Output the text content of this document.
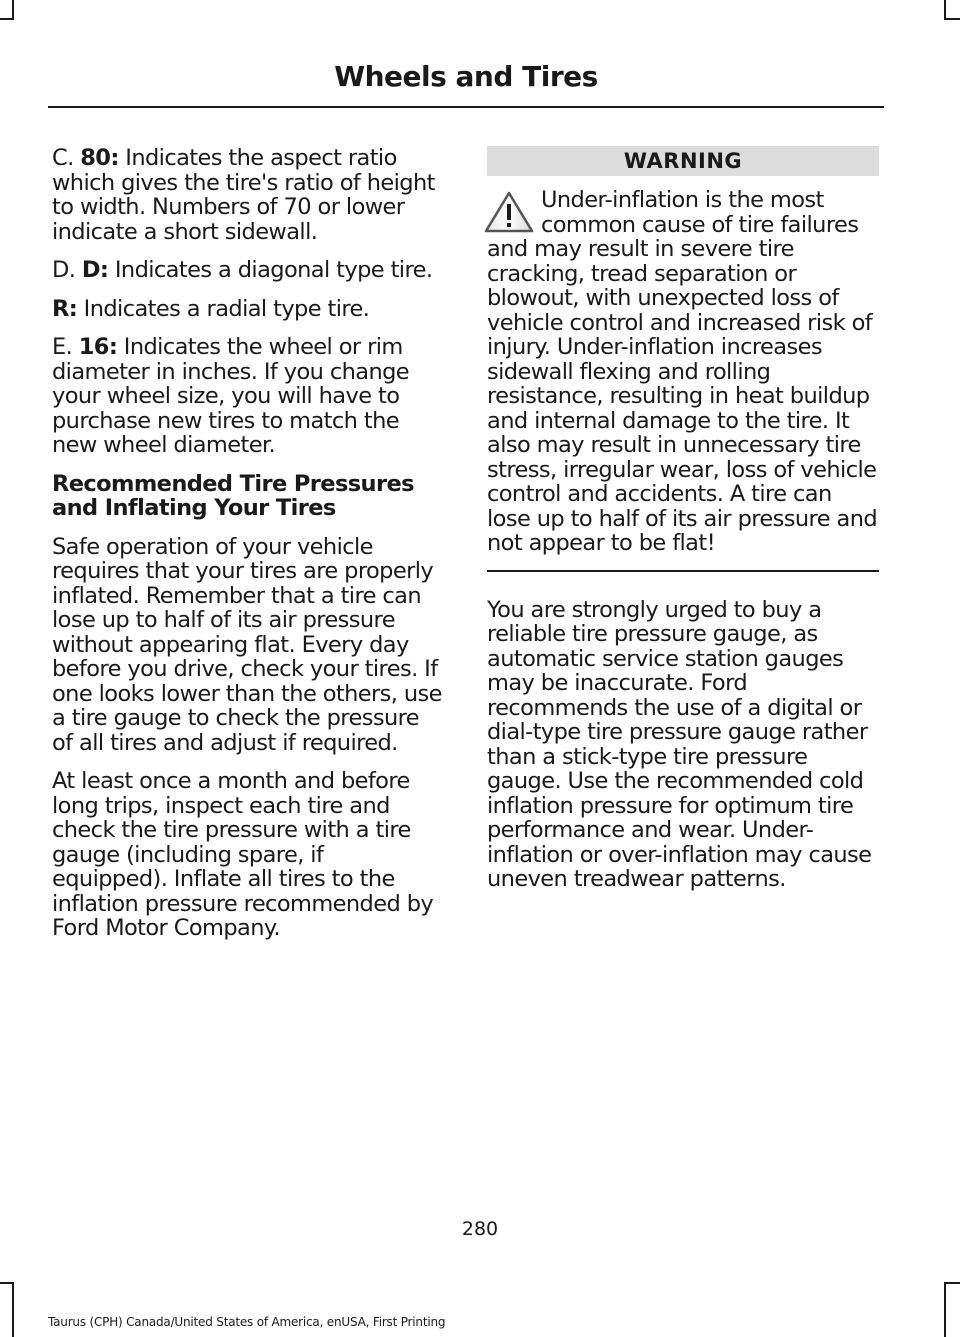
Wheels and Tires

C. 80: Indicates the aspect ratio which gives the tire's ratio of height to width. Numbers of 70 or lower indicate a short sidewall.

D. D: Indicates a diagonal type tire.

R: Indicates a radial type tire.

E. 16: Indicates the wheel or rim diameter in inches. If you change your wheel size, you will have to purchase new tires to match the new wheel diameter.

Recommended Tire Pressures and Inflating Your Tires

Safe operation of your vehicle requires that your tires are properly inflated. Remember that a tire can lose up to half of its air pressure without appearing flat. Every day before you drive, check your tires. If one looks lower than the others, use a tire gauge to check the pressure of all tires and adjust if required.

At least once a month and before long trips, inspect each tire and check the tire pressure with a tire gauge (including spare, if equipped). Inflate all tires to the inflation pressure recommended by Ford Motor Company.

WARNING

Under-inflation is the most common cause of tire failures and may result in severe tire cracking, tread separation or blowout, with unexpected loss of vehicle control and increased risk of injury. Under-inflation increases sidewall flexing and rolling resistance, resulting in heat buildup and internal damage to the tire. It also may result in unnecessary tire stress, irregular wear, loss of vehicle control and accidents. A tire can lose up to half of its air pressure and not appear to be flat!

You are strongly urged to buy a reliable tire pressure gauge, as automatic service station gauges may be inaccurate. Ford recommends the use of a digital or dial-type tire pressure gauge rather than a stick-type tire pressure gauge. Use the recommended cold inflation pressure for optimum tire performance and wear. Under-inflation or over-inflation may cause uneven treadwear patterns.

280
Taurus (CPH) Canada/United States of America, enUSA, First Printing
